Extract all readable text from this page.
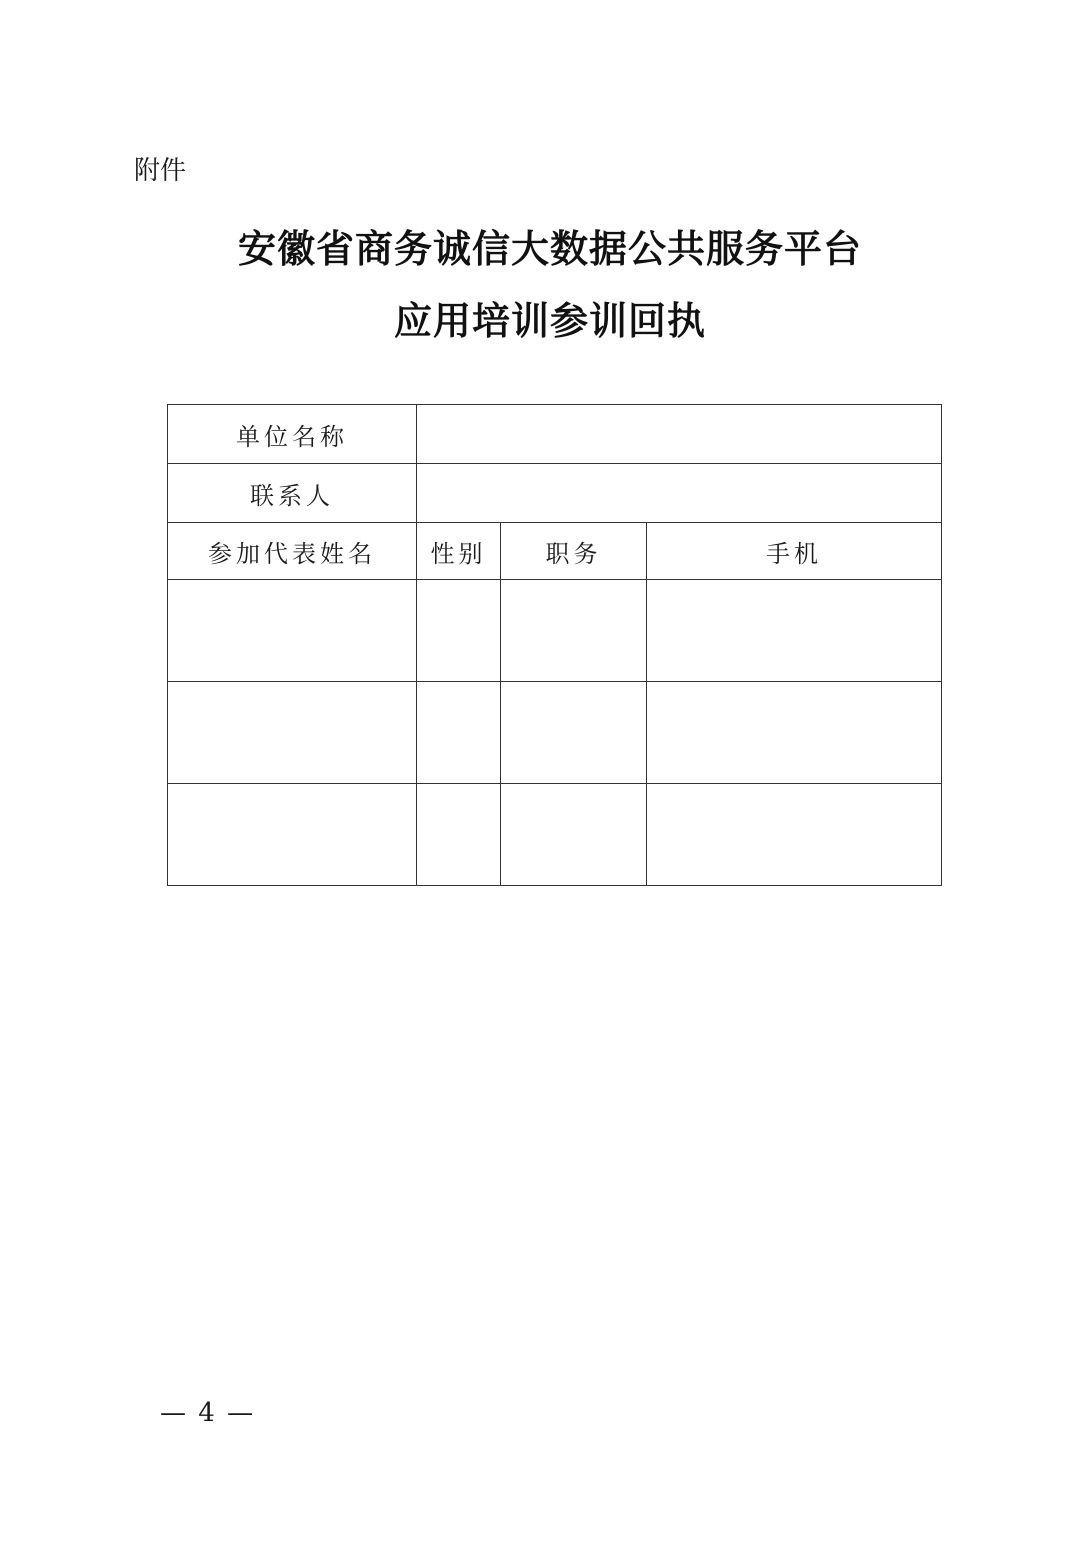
附件
安徽省商务诚信大数据公共服务平台
应用培训参训回执
单位名称			
联系人			
参加代表姓名	性别	职务	手机

— 4 —
